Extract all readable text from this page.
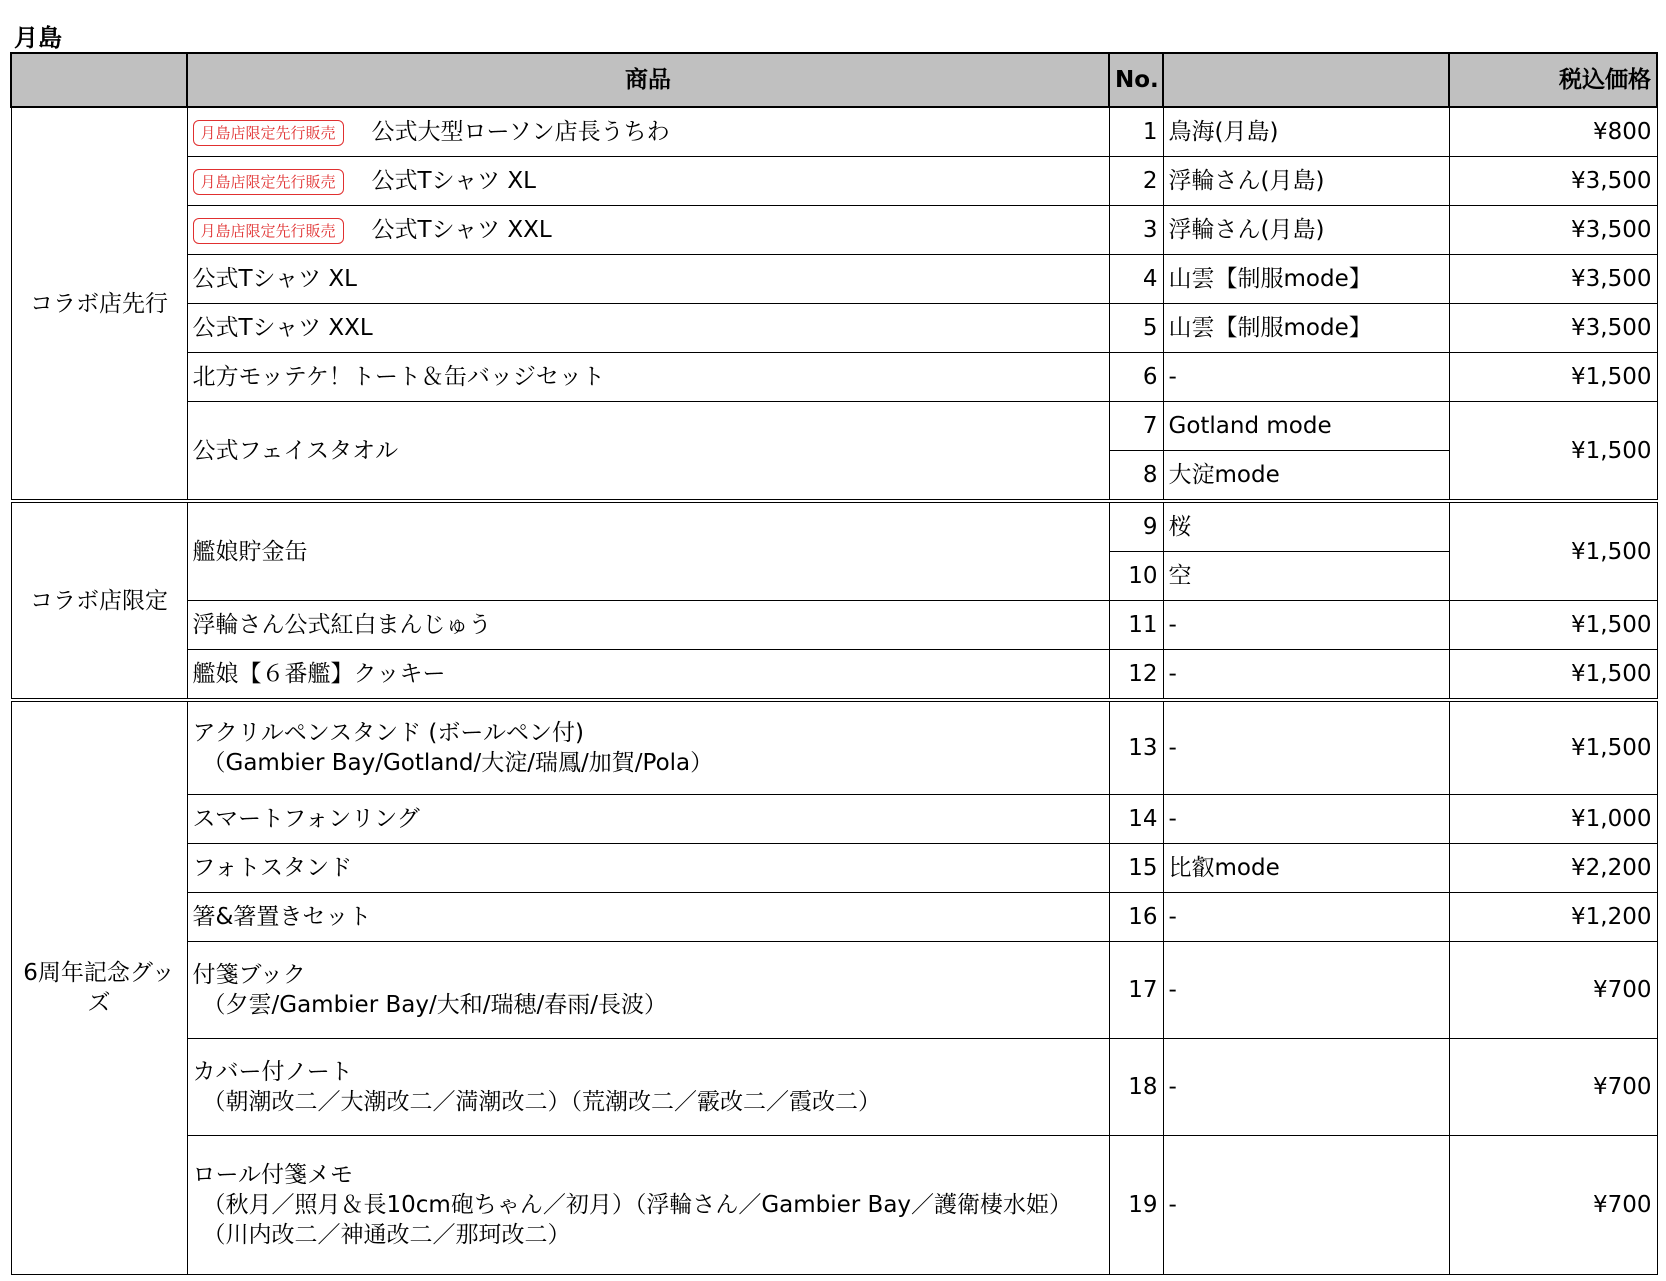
月島
	商品	No.		税込価格
コラボ店先行	月島店限定先行販売 公式大型ローソン店長うちわ	1	鳥海(月島)	¥800
	月島店限定先行販売 公式Tシャツ XL	2	浮輪さん(月島)	¥3,500
	月島店限定先行販売 公式Tシャツ XXL	3	浮輪さん(月島)	¥3,500
	公式Tシャツ XL	4	山雲【制服mode】	¥3,500
	公式Tシャツ XXL	5	山雲【制服mode】	¥3,500
	北方モッテケ！トート＆缶バッジセット	6	-	¥1,500
	公式フェイスタオル	7	Gotland mode	¥1,500
		8	大淀mode	
コラボ店限定	艦娘貯金缶	9	桜	¥1,500
		10	空	
	浮輪さん公式紅白まんじゅう	11	-	¥1,500
	艦娘【６番艦】クッキー	12	-	¥1,500
6周年記念グッズ	アクリルペンスタンド (ボールペン付)
（Gambier Bay/Gotland/大淀/瑞鳳/加賀/Pola）	13	-	¥1,500
	スマートフォンリング	14	-	¥1,000
	フォトスタンド	15	比叡mode	¥2,200
	箸&箸置きセット	16	-	¥1,200
	付箋ブック
（夕雲/Gambier Bay/大和/瑞穂/春雨/長波）	17	-	¥700
	カバー付ノート
（朝潮改二／大潮改二／満潮改二）（荒潮改二／霰改二／霞改二）	18	-	¥700
	ロール付箋メモ
（秋月／照月＆長10cm砲ちゃん／初月）（浮輪さん／Gambier Bay／護衛棲水姫）
（川内改二／神通改二／那珂改二）	19	-	¥700
